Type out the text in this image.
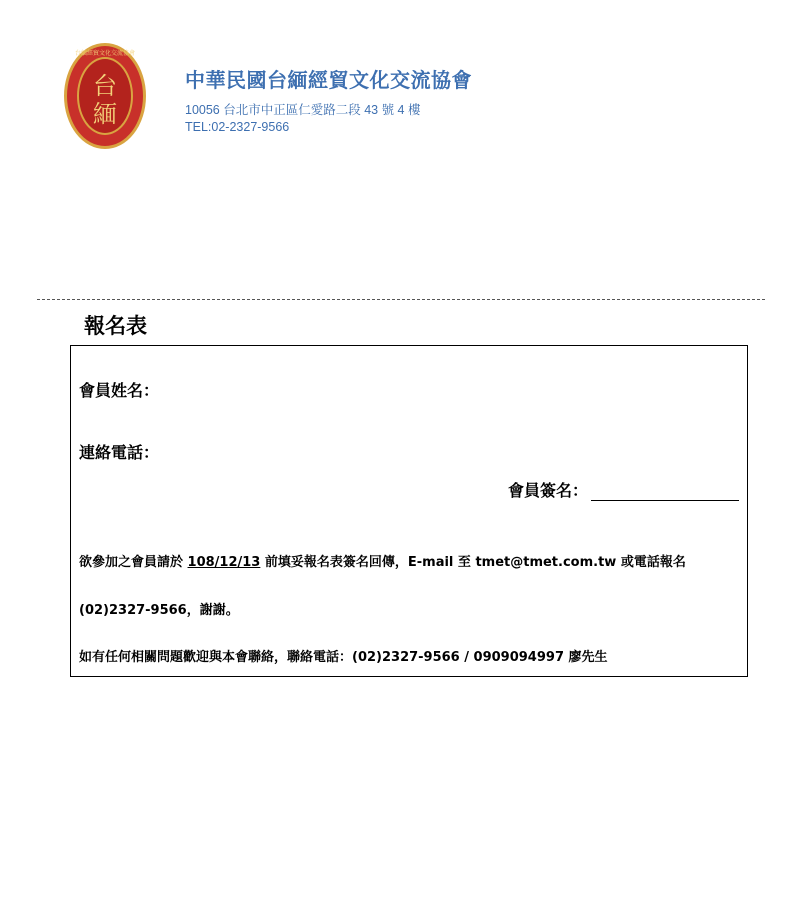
台
緬
台緬經貿文化交流協會
中華民國台緬經貿文化交流協會
10056 台北市中正區仁愛路二段 43 號 4 樓
TEL:02-2327-9566
報名表
會員姓名：
連絡電話：
會員簽名：
欲參加之會員請於 108/12/13 前填妥報名表簽名回傳，E-mail 至 tmet@tmet.com.tw 或電話報名
(02)2327-9566，謝謝。
如有任何相關問題歡迎與本會聯絡，聯絡電話：(02)2327-9566 / 0909094997 廖先生
